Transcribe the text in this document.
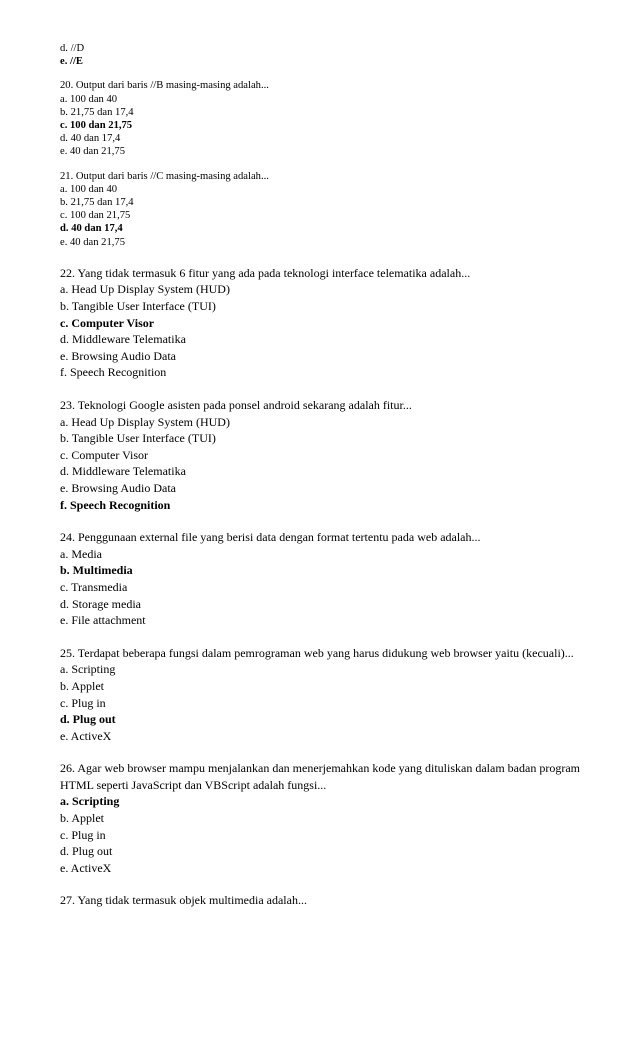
d. //D
e. //E
20. Output dari baris //B masing-masing adalah...
a. 100 dan 40
b. 21,75 dan 17,4
c. 100 dan 21,75
d. 40 dan 17,4
e. 40 dan 21,75
21. Output dari baris //C masing-masing adalah...
a. 100 dan 40
b. 21,75 dan 17,4
c. 100 dan 21,75
d. 40 dan 17,4
e. 40 dan 21,75
22. Yang tidak termasuk 6 fitur yang ada pada teknologi interface telematika adalah...
a. Head Up Display System (HUD)
b. Tangible User Interface (TUI)
c. Computer Visor
d. Middleware Telematika
e. Browsing Audio Data
f. Speech Recognition
23. Teknologi Google asisten pada ponsel android sekarang adalah fitur...
a. Head Up Display System (HUD)
b. Tangible User Interface (TUI)
c. Computer Visor
d. Middleware Telematika
e. Browsing Audio Data
f. Speech Recognition
24. Penggunaan external file yang berisi data dengan format tertentu pada web adalah...
a. Media
b. Multimedia
c. Transmedia
d. Storage media
e. File attachment
25. Terdapat beberapa fungsi dalam pemrograman web yang harus didukung web browser yaitu (kecuali)...
a. Scripting
b. Applet
c. Plug in
d. Plug out
e. ActiveX
26. Agar web browser mampu menjalankan dan menerjemahkan kode yang dituliskan dalam badan program HTML seperti JavaScript dan VBScript adalah fungsi...
a. Scripting
b. Applet
c. Plug in
d. Plug out
e. ActiveX
27. Yang tidak termasuk objek multimedia adalah...
